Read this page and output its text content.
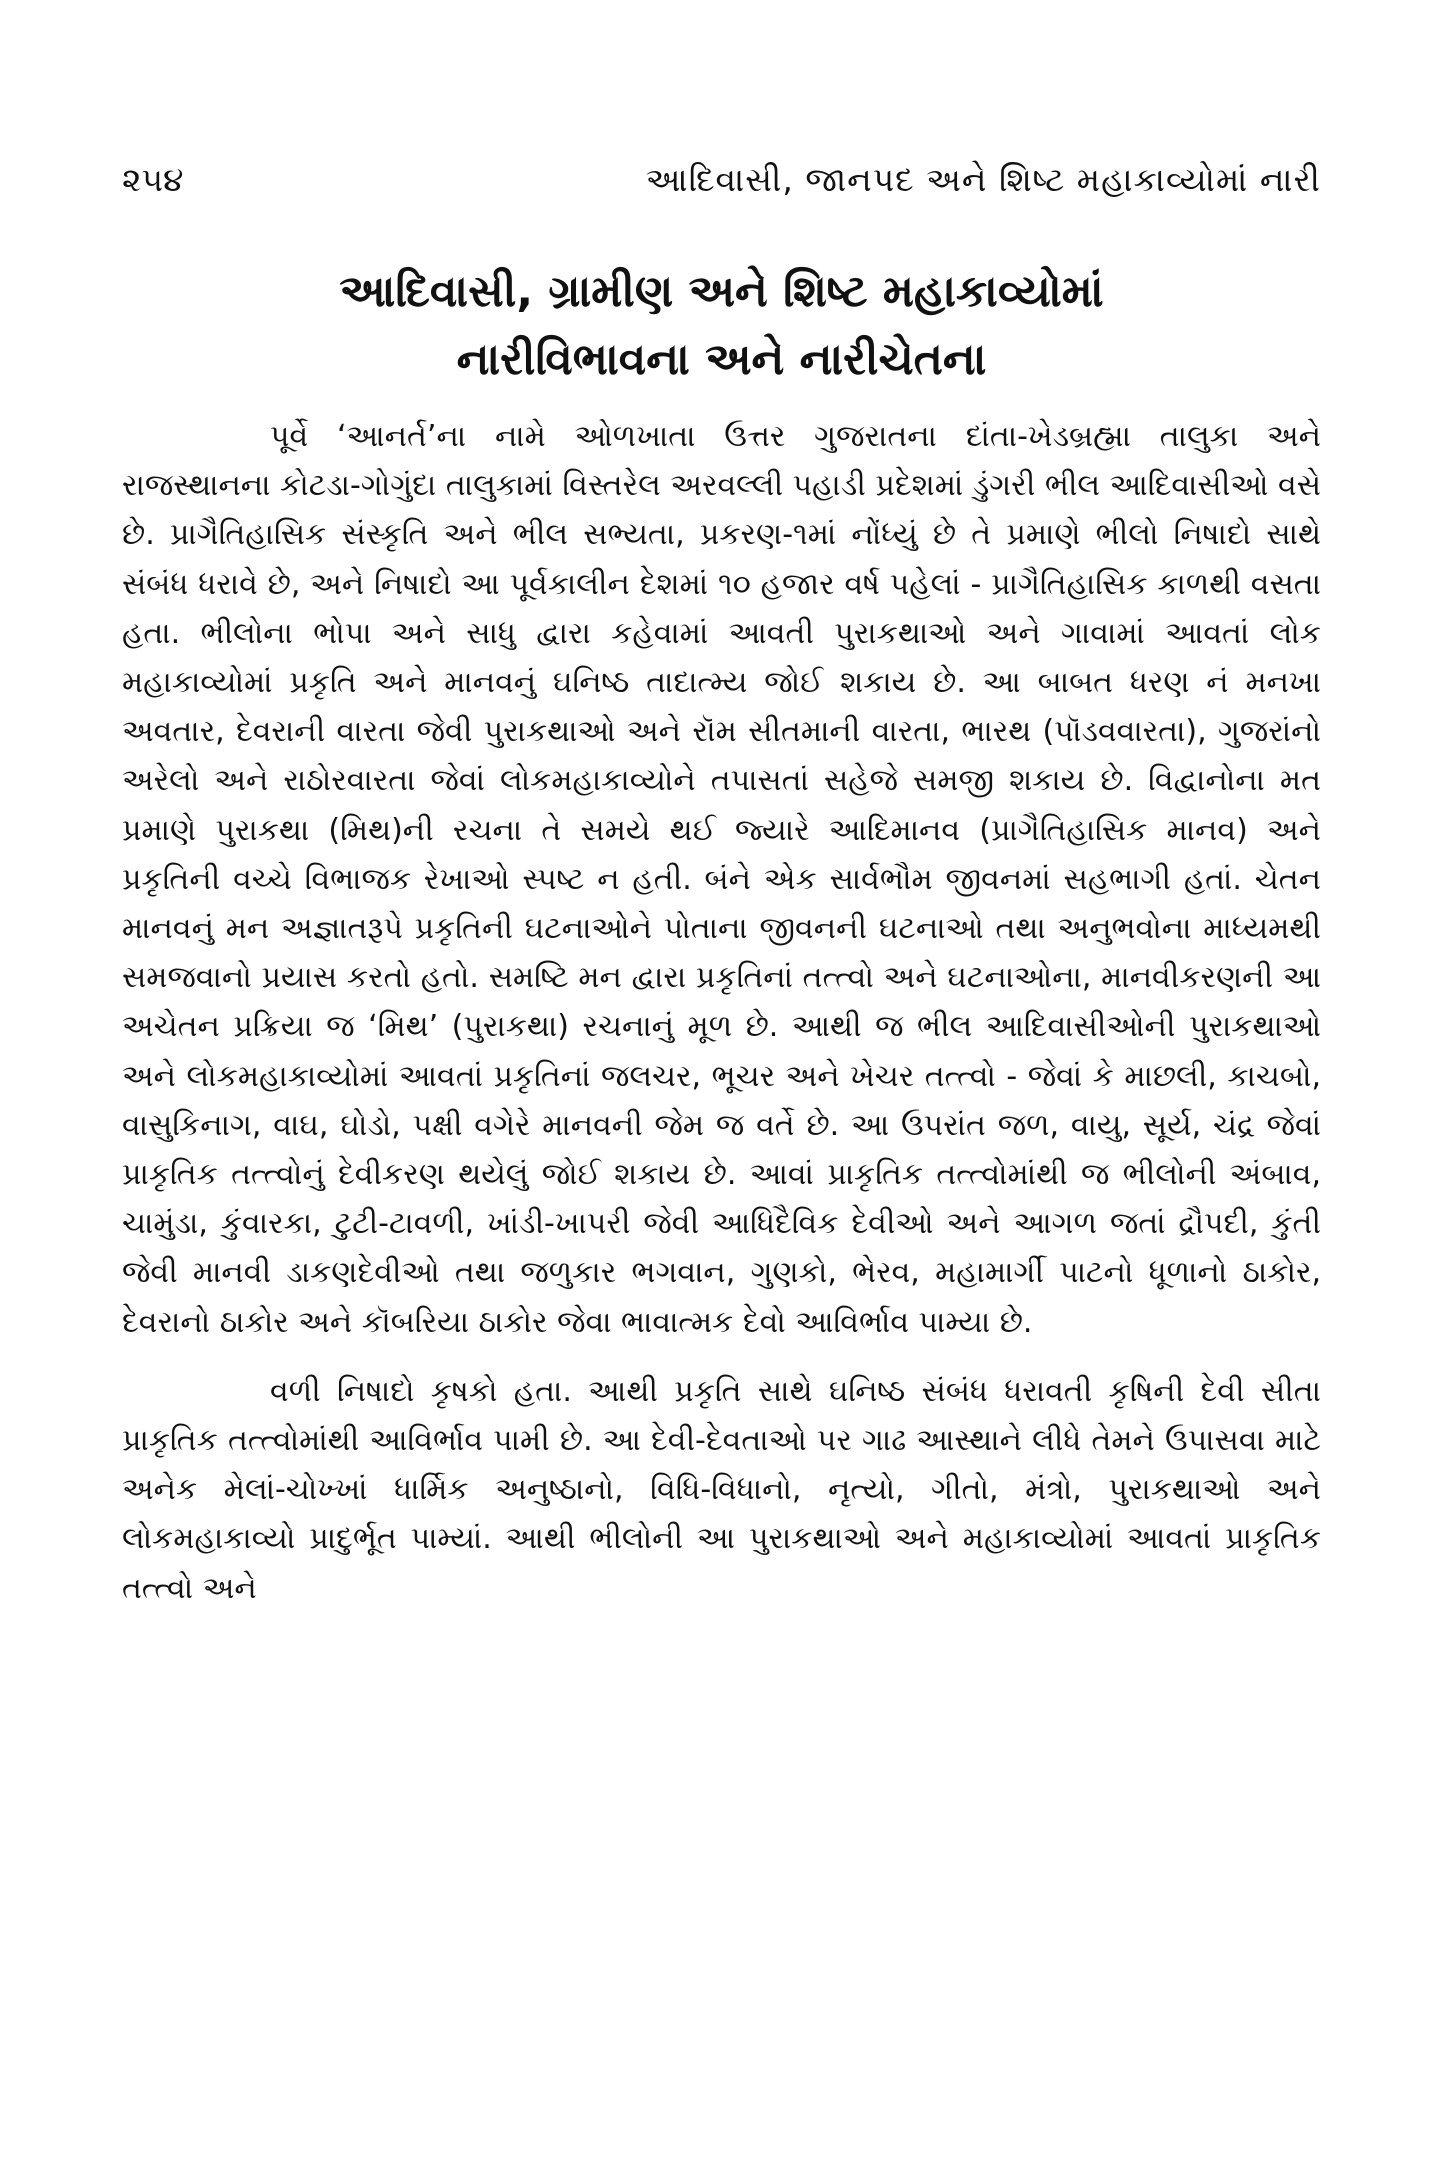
૨૫૪	આદિવાસી, જાનપદ અને શિષ્ટ મહાકાવ્યોમાં નારી
આદિવાસી, ગ્રામીણ અને શિષ્ટ મહાકાવ્યોમાં
નારીવિભાવના અને નારીચેતના

પૂર્વે ‘આનર્ત’ના નામે ઓળખાતા ઉત્તર ગુજરાતના દાંતા-ખેડબ્રહ્મા તાલુકા અને રાજસ્થાનના કોટડા-ગોગુંદા તાલુકામાં વિસ્તરેલ અરવલ્લી પહાડી પ્રદેશમાં ડુંગરી ભીલ આદિવાસીઓ વસે છે. પ્રાગૈતિહાસિક સંસ્કૃતિ અને ભીલ સભ્યતા, પ્રકરણ-૧માં નોંધ્યું છે તે પ્રમાણે ભીલો નિષાદો સાથે સંબંધ ધરાવે છે, અને નિષાદો આ પૂર્વકાલીન દેશમાં ૧૦ હજાર વર્ષ પહેલાં - પ્રાગૈતિહાસિક કાળથી વસતા હતા. ભીલોના ભોપા અને સાધુ દ્વારા કહેવામાં આવતી પુરાકથાઓ અને ગાવામાં આવતાં લોક મહાકાવ્યોમાં પ્રકૃતિ અને માનવનું ઘનિષ્ઠ તાદાત્મ્ય જોઈ શકાય છે. આ બાબત ધરણ નં મનખા અવતાર, દેવરાની વારતા જેવી પુરાકથાઓ અને રૉમ સીતમાની વારતા, ભારથ (પૉડવવારતા), ગુજરાંનો અરેલો અને રાઠોરવારતા જેવાં લોકમહાકાવ્યોને તપાસતાં સહેજે સમજી શકાય છે. વિદ્વાનોના મત પ્રમાણે પુરાકથા (મિથ)ની રચના તે સમયે થઈ જ્યારે આદિમાનવ (પ્રાગૈતિહાસિક માનવ) અને પ્રકૃતિની વચ્ચે વિભાજક રેખાઓ સ્પષ્ટ ન હતી. બંને એક સાર્વભૌમ જીવનમાં સહભાગી હતાં. ચેતન માનવનું મન અજ્ઞાતરૂપે પ્રકૃતિની ઘટનાઓને પોતાના જીવનની ઘટનાઓ તથા અનુભવોના માધ્યમથી સમજવાનો પ્રયાસ કરતો હતો. સમષ્ટિ મન દ્વારા પ્રકૃતિનાં તત્ત્વો અને ઘટનાઓના, માનવીકરણની આ અચેતન પ્રક્રિયા જ ‘મિથ’ (પુરાકથા) રચનાનું મૂળ છે. આથી જ ભીલ આદિવાસીઓની પુરાકથાઓ અને લોકમહાકાવ્યોમાં આવતાં પ્રકૃતિનાં જલચર, ભૂચર અને ખેચર તત્ત્વો - જેવાં કે માછલી, કાચબો, વાસુકિનાગ, વાઘ, ઘોડો, પક્ષી વગેરે માનવની જેમ જ વર્તે છે. આ ઉપરાંત જળ, વાયુ, સૂર્ય, ચંદ્ર જેવાં પ્રાકૃતિક તત્ત્વોનું દેવીકરણ થયેલું જોઈ શકાય છે. આવાં પ્રાકૃતિક તત્ત્વોમાંથી જ ભીલોની અંબાવ, ચામુંડા, કુંવારકા, ટુટી-ટાવળી, ખાંડી-ખાપરી જેવી આધિદૈવિક દેવીઓ અને આગળ જતાં દ્રૌપદી, કુંતી જેવી માનવી ડાકણદેવીઓ તથા જળુકાર ભગવાન, ગુણકો, ભેરવ, મહામાર્ગી પાટનો ધૂળાનો ઠાકોર, દેવરાનો ઠાકોર અને કૉબરિયા ઠાકોર જેવા ભાવાત્મક દેવો આવિર્ભાવ પામ્યા છે.

વળી નિષાદો કૃષકો હતા. આથી પ્રકૃતિ સાથે ઘનિષ્ઠ સંબંધ ધરાવતી કૃષિની દેવી સીતા પ્રાકૃતિક તત્ત્વોમાંથી આવિર્ભાવ પામી છે. આ દેવી-દેવતાઓ પર ગાઢ આસ્થાને લીધે તેમને ઉપાસવા માટે અનેક મેલાં-ચોખ્ખાં ધાર્મિક અનુષ્ઠાનો, વિધિ-વિધાનો, નૃત્યો, ગીતો, મંત્રો, પુરાકથાઓ અને લોકમહાકાવ્યો પ્રાદુર્ભૂત પામ્યાં. આથી ભીલોની આ પુરાકથાઓ અને મહાકાવ્યોમાં આવતાં પ્રાકૃતિક તત્ત્વો અને
